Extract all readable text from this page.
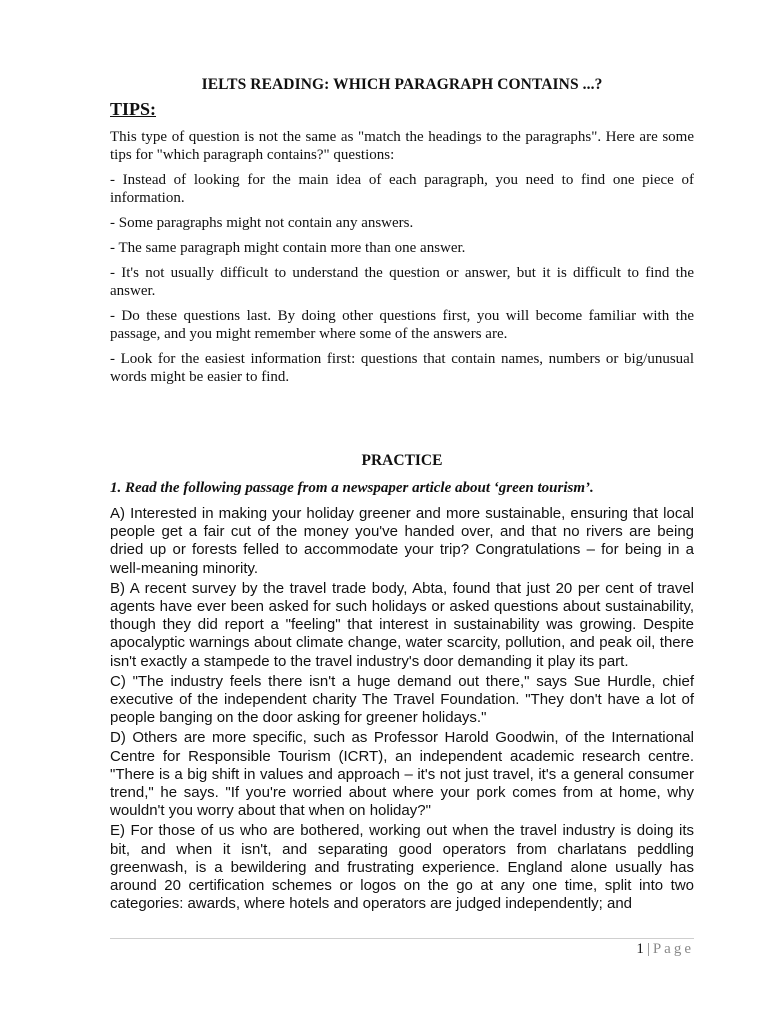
IELTS READING: WHICH PARAGRAPH CONTAINS ...?
TIPS:

This type of question is not the same as "match the headings to the paragraphs". Here are some tips for "which paragraph contains?" questions:

- Instead of looking for the main idea of each paragraph, you need to find one piece of information.
- Some paragraphs might not contain any answers.
- The same paragraph might contain more than one answer.
- It's not usually difficult to understand the question or answer, but it is difficult to find the answer.
- Do these questions last. By doing other questions first, you will become familiar with the passage, and you might remember where some of the answers are.
- Look for the easiest information first: questions that contain names, numbers or big/unusual words might be easier to find.
PRACTICE
1. Read the following passage from a newspaper article about ‘green tourism’.

A) Interested in making your holiday greener and more sustainable, ensuring that local people get a fair cut of the money you've handed over, and that no rivers are being dried up or forests felled to accommodate your trip? Congratulations – for being in a well-meaning minority.

B) A recent survey by the travel trade body, Abta, found that just 20 per cent of travel agents have ever been asked for such holidays or asked questions about sustainability, though they did report a "feeling" that interest in sustainability was growing. Despite apocalyptic warnings about climate change, water scarcity, pollution, and peak oil, there isn't exactly a stampede to the travel industry's door demanding it play its part.

C) "The industry feels there isn't a huge demand out there," says Sue Hurdle, chief executive of the independent charity The Travel Foundation. "They don't have a lot of people banging on the door asking for greener holidays."

D) Others are more specific, such as Professor Harold Goodwin, of the International Centre for Responsible Tourism (ICRT), an independent academic research centre. "There is a big shift in values and approach – it's not just travel, it's a general consumer trend," he says. "If you're worried about where your pork comes from at home, why wouldn't you worry about that when on holiday?"

E) For those of us who are bothered, working out when the travel industry is doing its bit, and when it isn't, and separating good operators from charlatans peddling greenwash, is a bewildering and frustrating experience. England alone usually has around 20 certification schemes or logos on the go at any one time, split into two categories: awards, where hotels and operators are judged independently; and

1 | Page
